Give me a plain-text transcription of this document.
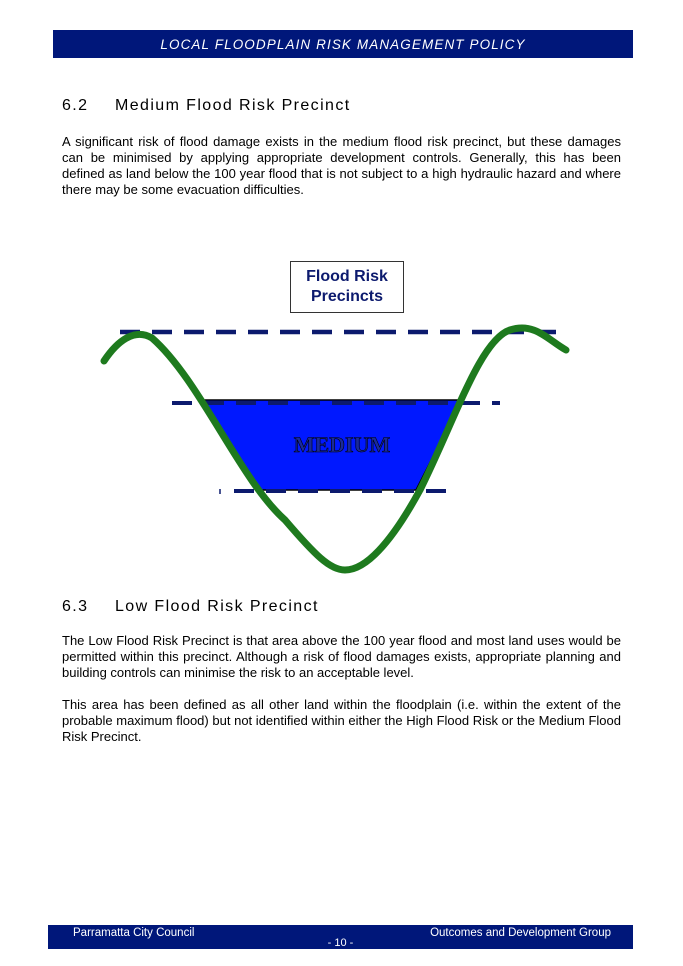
LOCAL FLOODPLAIN RISK MANAGEMENT POLICY
6.2 Medium Flood Risk Precinct

A significant risk of flood damage exists in the medium flood risk precinct, but these damages can be minimised by applying appropriate development controls. Generally, this has been defined as land below the 100 year flood that is not subject to a high hydraulic hazard and where there may be some evacuation difficulties.

MEDIUM
Flood Risk
Precincts
6.3 Low Flood Risk Precinct

The Low Flood Risk Precinct is that area above the 100 year flood and most land uses would be permitted within this precinct. Although a risk of flood damages exists, appropriate planning and building controls can minimise the risk to an acceptable level.

This area has been defined as all other land within the floodplain (i.e. within the extent of the probable maximum flood) but not identified within either the High Flood Risk or the Medium Flood Risk Precinct.

Parramatta City Council	Outcomes and Development Group
- 10 -
